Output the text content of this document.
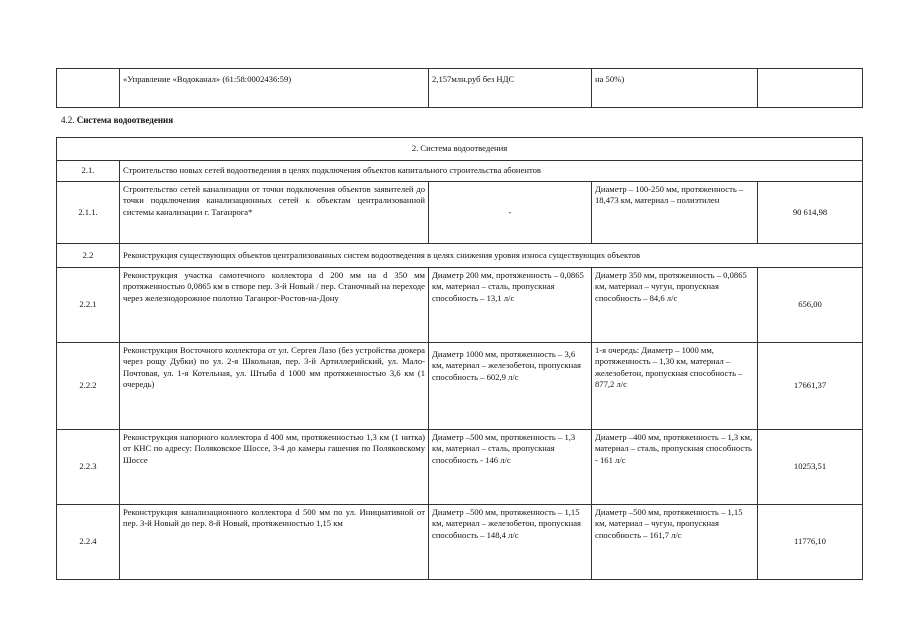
	«Управление «Водоканал» (61:58:0002436:59)	2,157млн.руб без НДС	на 50%)	
4.2. Система водоотведения
2. Система водоотведения				
2.1.	Строительство новых сетей водоотведения в целях подключения объектов капитального строительства абонентов			
2.1.1.	Строительство сетей канализации от точки подключения объектов заявителей до точки подключения канализационных сетей к объектам централизованной системы канализации г. Таганрога*	-	Диаметр – 100-250 мм, протяженность – 18,473 км, материал – полиэтилен	90 614,98
2.2	Реконструкция существующих объектов централизованных систем водоотведения в целях снижения уровня износа существующих объектов			
2.2.1	Реконструкция участка самотечного коллектора d 200 мм на d 350 мм протяженностью 0,0865 км в створе пер. 3-й Новый / пер. Станочный на переходе через железнодорожное полотно Таганрог-Ростов-на-Дону	Диаметр 200 мм, протяженность – 0,0865 км, материал – сталь, пропускная способность – 13,1 л/с	Диаметр 350 мм, протяженность – 0,0865 км, материал – чугун, пропускная способность – 84,6 л/с	656,00
2.2.2	Реконструкция Восточного коллектора от ул. Сергея Лазо (без устройства дюкера через рощу Дубки) по ул. 2-я Школьная, пер. 3-й Артиллерийский, ул. Мало-Почтовая, ул. 1-я Котельная, ул. Штыба d 1000 мм протяженностью 3,6 км (1 очередь)	Диаметр 1000 мм, протяженность – 3,6 км, материал – железобетон, пропускная способность – 602,9 л/с	1-я очередь: Диаметр – 1000 мм, протяженность – 1,30 км, материал – железобетон, пропускная способность – 877,2 л/с	17661,37
2.2.3	Реконструкция напорного коллектора d 400 мм, протяженностью 1,3 км (1 нитка) от КНС по адресу: Поляковское Шоссе, 3-4 до камеры гашения по Поляковскому Шоссе	Диаметр –500 мм, протяженность – 1,3 км, материал – сталь, пропускная способность - 146 л/с	Диаметр –400 мм, протяженность – 1,3 км, материал – сталь, пропускная способность - 161 л/с	10253,51
2.2.4	Реконструкция канализационного коллектора d 500 мм по ул. Инициативной от пер. 3-й Новый до пер. 8-й Новый, протяженностью 1,15 км	Диаметр –500 мм, протяженность – 1,15 км, материал – железобетон, пропускная способность – 148,4 л/с	Диаметр –500 мм, протяженность – 1,15 км, материал – чугун, пропускная способность – 161,7 л/с	11776,10
